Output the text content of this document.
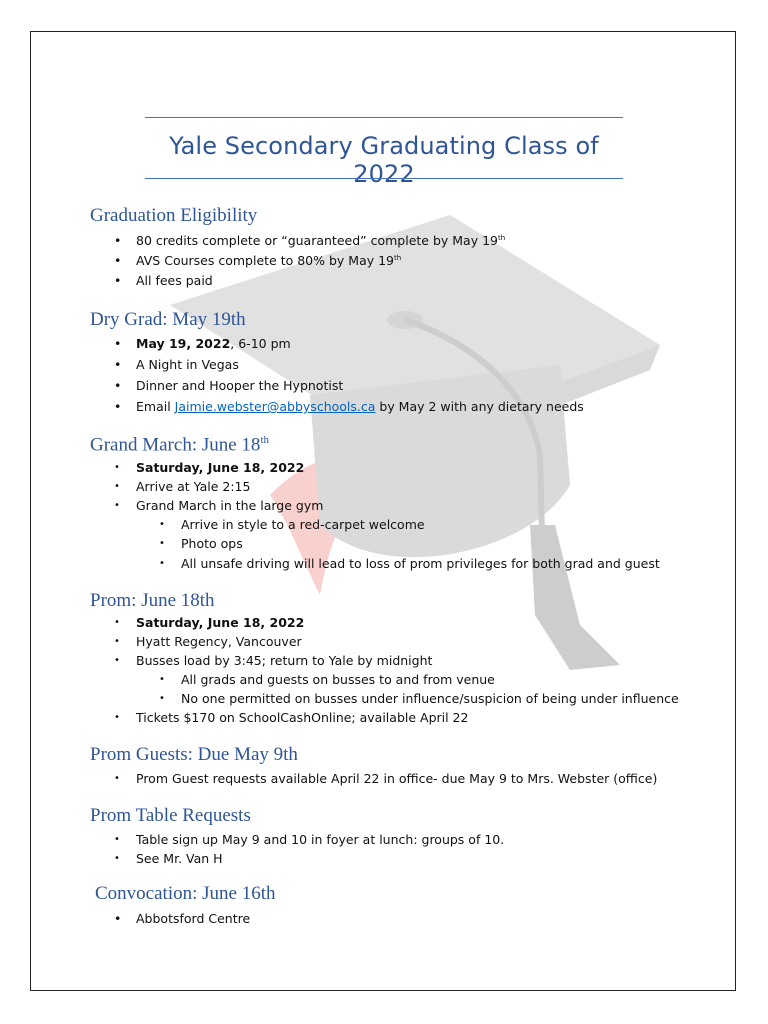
Yale Secondary Graduating Class of 2022
Graduation Eligibility
• 80 credits complete or “guaranteed” complete by May 19th
• AVS Courses complete to 80% by May 19th
• All fees paid
Dry Grad: May 19th
• May 19, 2022, 6-10 pm
• A Night in Vegas
• Dinner and Hooper the Hypnotist
• Email Jaimie.webster@abbyschools.ca by May 2 with any dietary needs
Grand March: June 18th
• Saturday, June 18, 2022
• Arrive at Yale 2:15
• Grand March in the large gym
• Arrive in style to a red-carpet welcome
• Photo ops
• All unsafe driving will lead to loss of prom privileges for both grad and guest
Prom: June 18th
• Saturday, June 18, 2022
• Hyatt Regency, Vancouver
• Busses load by 3:45; return to Yale by midnight
• All grads and guests on busses to and from venue
• No one permitted on busses under influence/suspicion of being under influence
• Tickets $170 on SchoolCashOnline; available April 22
Prom Guests: Due May 9th
• Prom Guest requests available April 22 in office- due May 9 to Mrs. Webster (office)
Prom Table Requests
• Table sign up May 9 and 10 in foyer at lunch: groups of 10.
• See Mr. Van H
Convocation: June 16th
• Abbotsford Centre
